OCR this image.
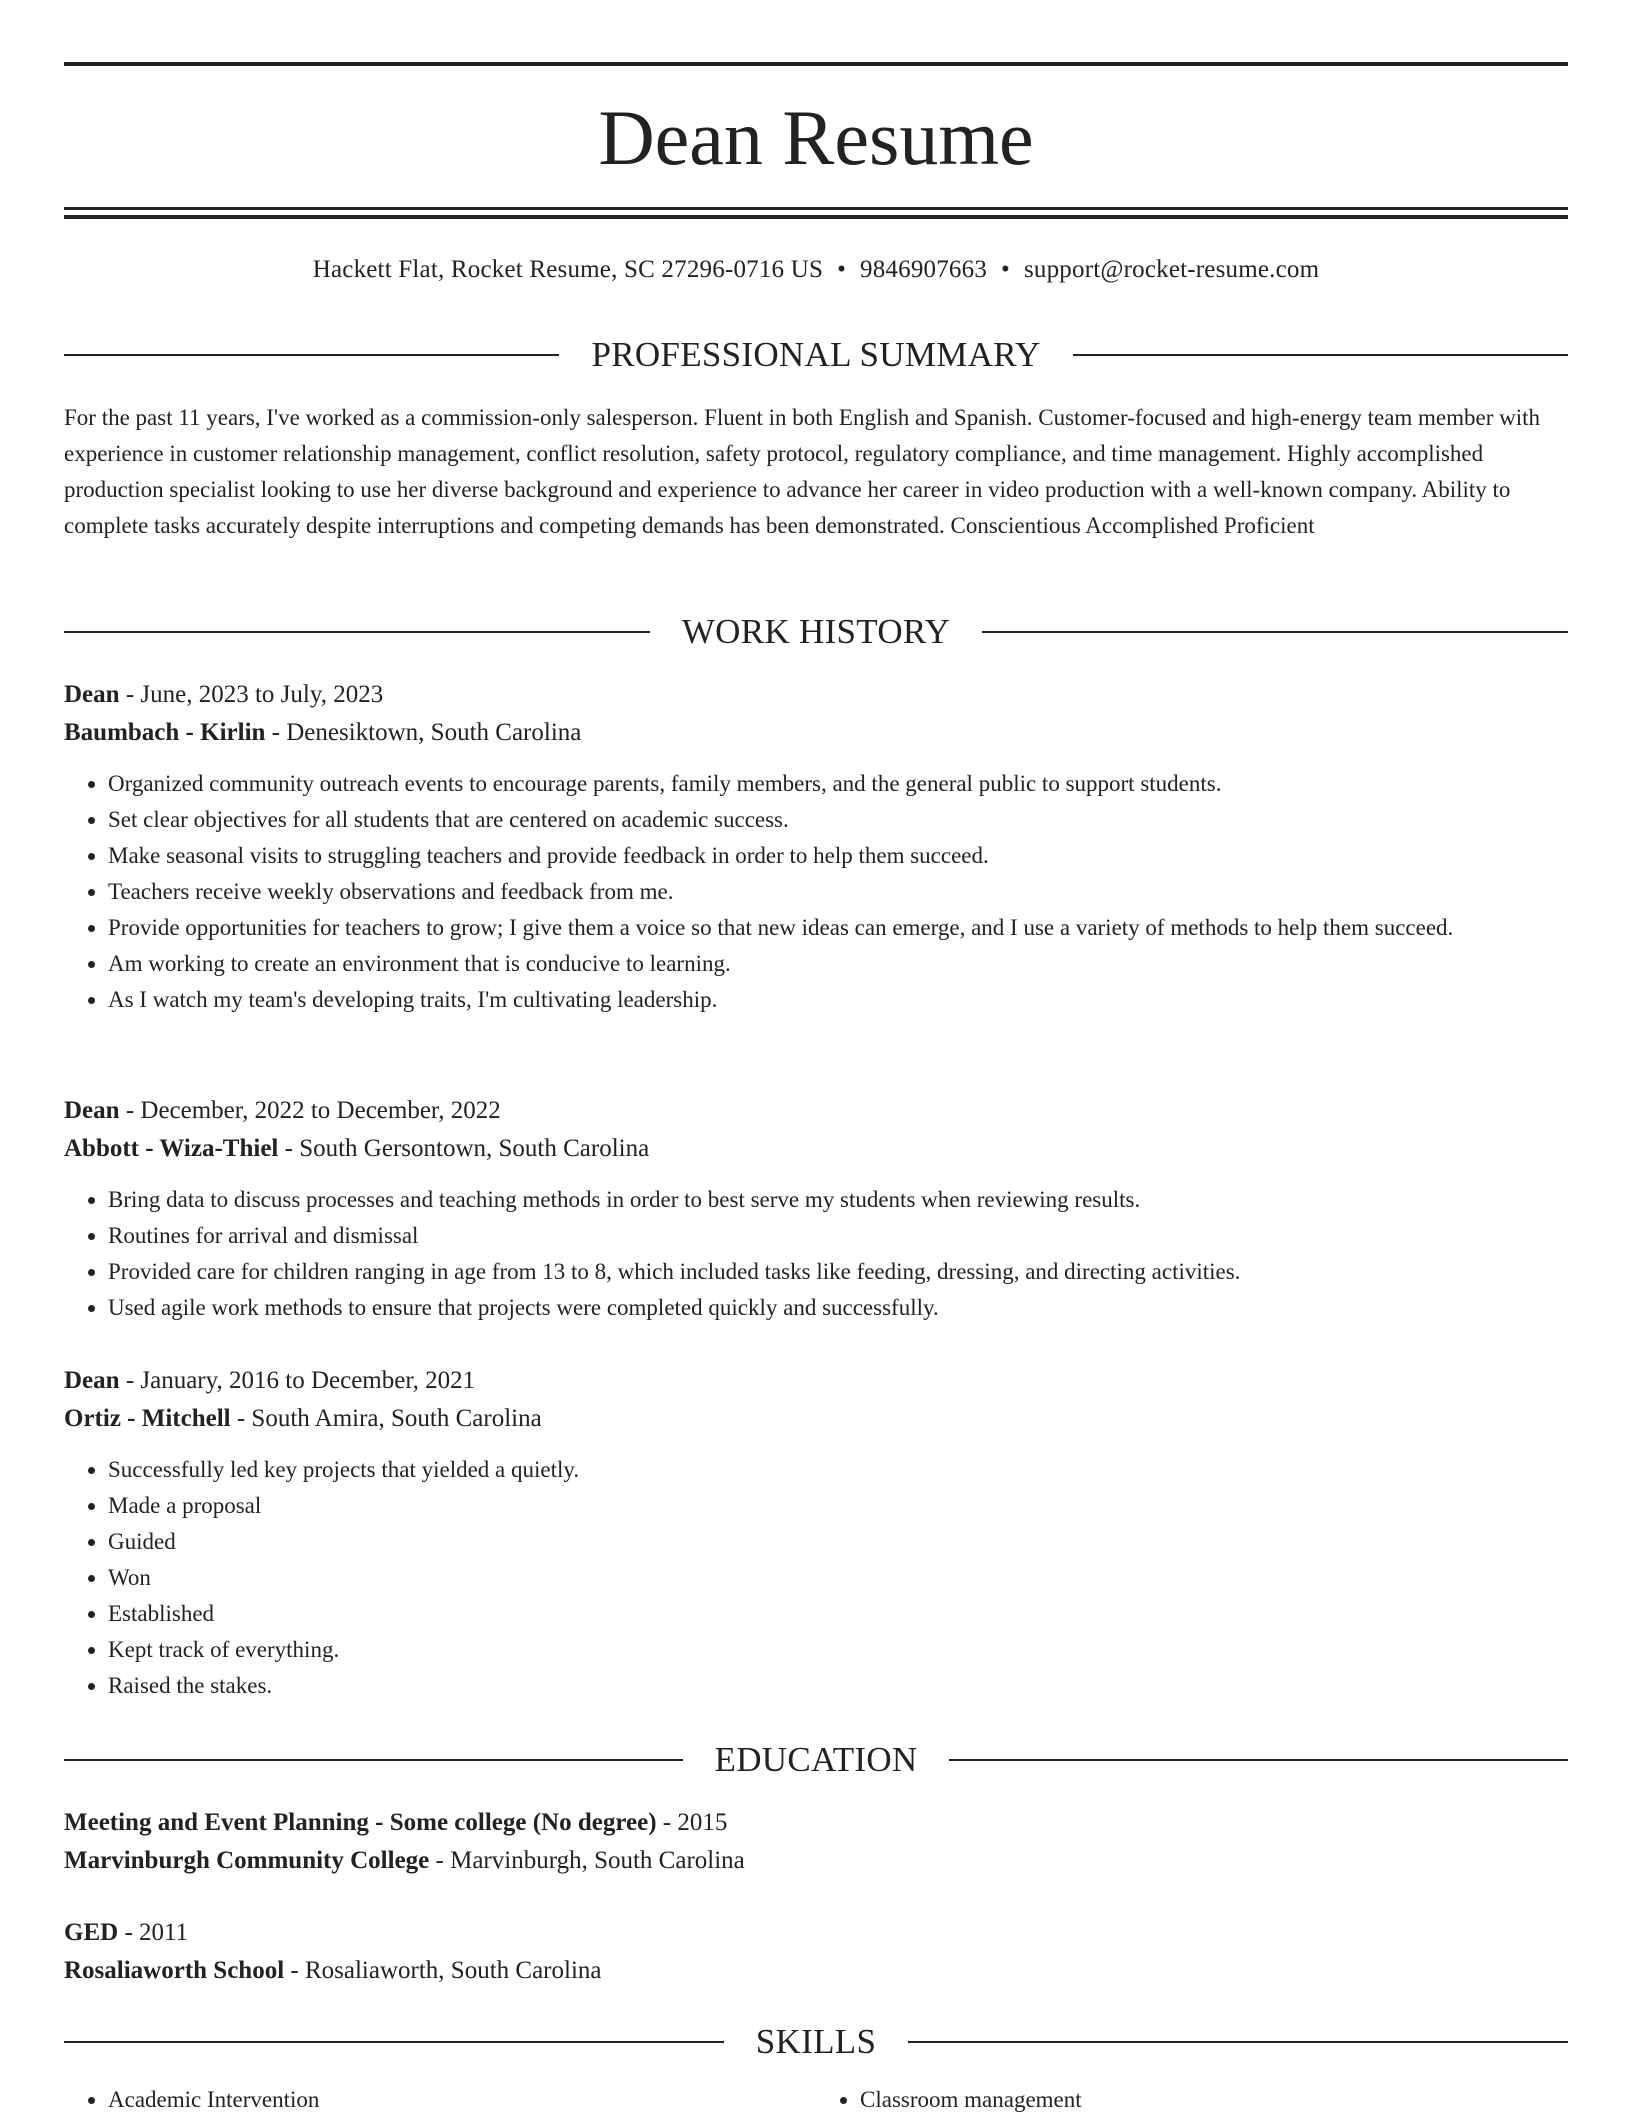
Dean Resume
Hackett Flat, Rocket Resume, SC 27296-0716 US • 9846907663 • support@rocket-resume.com
PROFESSIONAL SUMMARY

For the past 11 years, I've worked as a commission-only salesperson. Fluent in both English and Spanish. Customer-focused and high-energy team member with experience in customer relationship management, conflict resolution, safety protocol, regulatory compliance, and time management. Highly accomplished production specialist looking to use her diverse background and experience to advance her career in video production with a well-known company. Ability to complete tasks accurately despite interruptions and competing demands has been demonstrated. Conscientious Accomplished Proficient

WORK HISTORY

Dean - June, 2023 to July, 2023

Baumbach - Kirlin - Denesiktown, South Carolina

• Organized community outreach events to encourage parents, family members, and the general public to support students.
• Set clear objectives for all students that are centered on academic success.
• Make seasonal visits to struggling teachers and provide feedback in order to help them succeed.
• Teachers receive weekly observations and feedback from me.
• Provide opportunities for teachers to grow; I give them a voice so that new ideas can emerge, and I use a variety of methods to help them succeed.
• Am working to create an environment that is conducive to learning.
• As I watch my team's developing traits, I'm cultivating leadership.

Dean - December, 2022 to December, 2022

Abbott - Wiza-Thiel - South Gersontown, South Carolina

• Bring data to discuss processes and teaching methods in order to best serve my students when reviewing results.
• Routines for arrival and dismissal
• Provided care for children ranging in age from 13 to 8, which included tasks like feeding, dressing, and directing activities.
• Used agile work methods to ensure that projects were completed quickly and successfully.

Dean - January, 2016 to December, 2021

Ortiz - Mitchell - South Amira, South Carolina

• Successfully led key projects that yielded a quietly.
• Made a proposal
• Guided
• Won
• Established
• Kept track of everything.
• Raised the stakes.
EDUCATION

Meeting and Event Planning - Some college (No degree) - 2015

Marvinburgh Community College - Marvinburgh, South Carolina

GED - 2011

Rosaliaworth School - Rosaliaworth, South Carolina

SKILLS
• Academic Intervention
•	Classroom management
